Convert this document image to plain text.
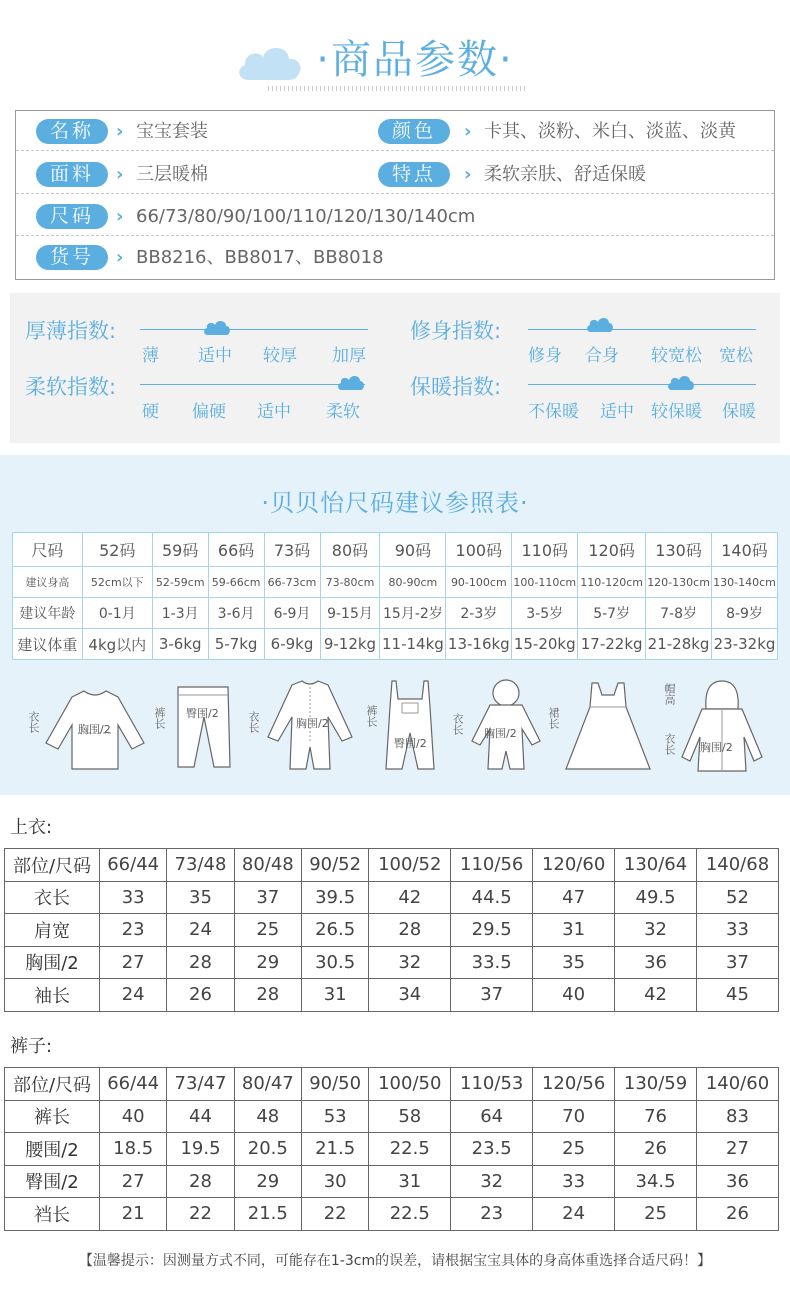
·商品参数·
名称	› 宝宝套装	颜色	› 卡其、淡粉、米白、淡蓝、淡黄
面料	› 三层暖棉	特点	› 柔软亲肤、舒适保暖
尺码	› 66/73/80/90/100/110/120/130/140cm
货号	› BB8216、BB8017、BB8018
厚薄指数:
薄 适中 较厚 加厚
修身指数:
修身 合身 较宽松 宽松
柔软指数:
硬 偏硬 适中 柔软
保暖指数:
不保暖 适中 较保暖 保暖
·贝贝怡尺码建议参照表·
尺码	52码	59码	66码	73码	80码	90码	100码	110码	120码	130码	140码
建议身高	52cm以下	52-59cm	59-66cm	66-73cm	73-80cm	80-90cm	90-100cm	100-110cm	110-120cm	120-130cm	130-140cm
建议年龄	0-1月	1-3月	3-6月	6-9月	9-15月	15月-2岁	2-3岁	3-5岁	5-7岁	7-8岁	8-9岁
建议体重	4kg以内	3-6kg	5-7kg	6-9kg	9-12kg	11-14kg	13-16kg	15-20kg	17-22kg	21-28kg	23-32kg
衣长	胸围/2
裤长 臀围/2	衣长	胸围/2	裤长
臀围/2
衣长 胸围/2
裙长
帽高
衣长 胸围/2
上衣:
部位/尺码	66/44	73/48	80/48	90/52	100/52	110/56	120/60	130/64	140/68
衣长	33	35	37	39.5	42	44.5	47	49.5	52
肩宽	23	24	25	26.5	28	29.5	31	32	33
胸围/2	27	28	29	30.5	32	33.5	35	36	37
袖长	24	26	28	31	34	37	40	42	45
裤子:
部位/尺码	66/44	73/47	80/47	90/50	100/50	110/53	120/56	130/59	140/60
裤长	40	44	48	53	58	64	70	76	83
腰围/2	18.5	19.5	20.5	21.5	22.5	23.5	25	26	27
臀围/2	27	28	29	30	31	32	33	34.5	36
裆长	21	22	21.5	22	22.5	23	24	25	26
【温馨提示：因测量方式不同，可能存在1-3cm的误差，请根据宝宝具体的身高体重选择合适尺码！】
